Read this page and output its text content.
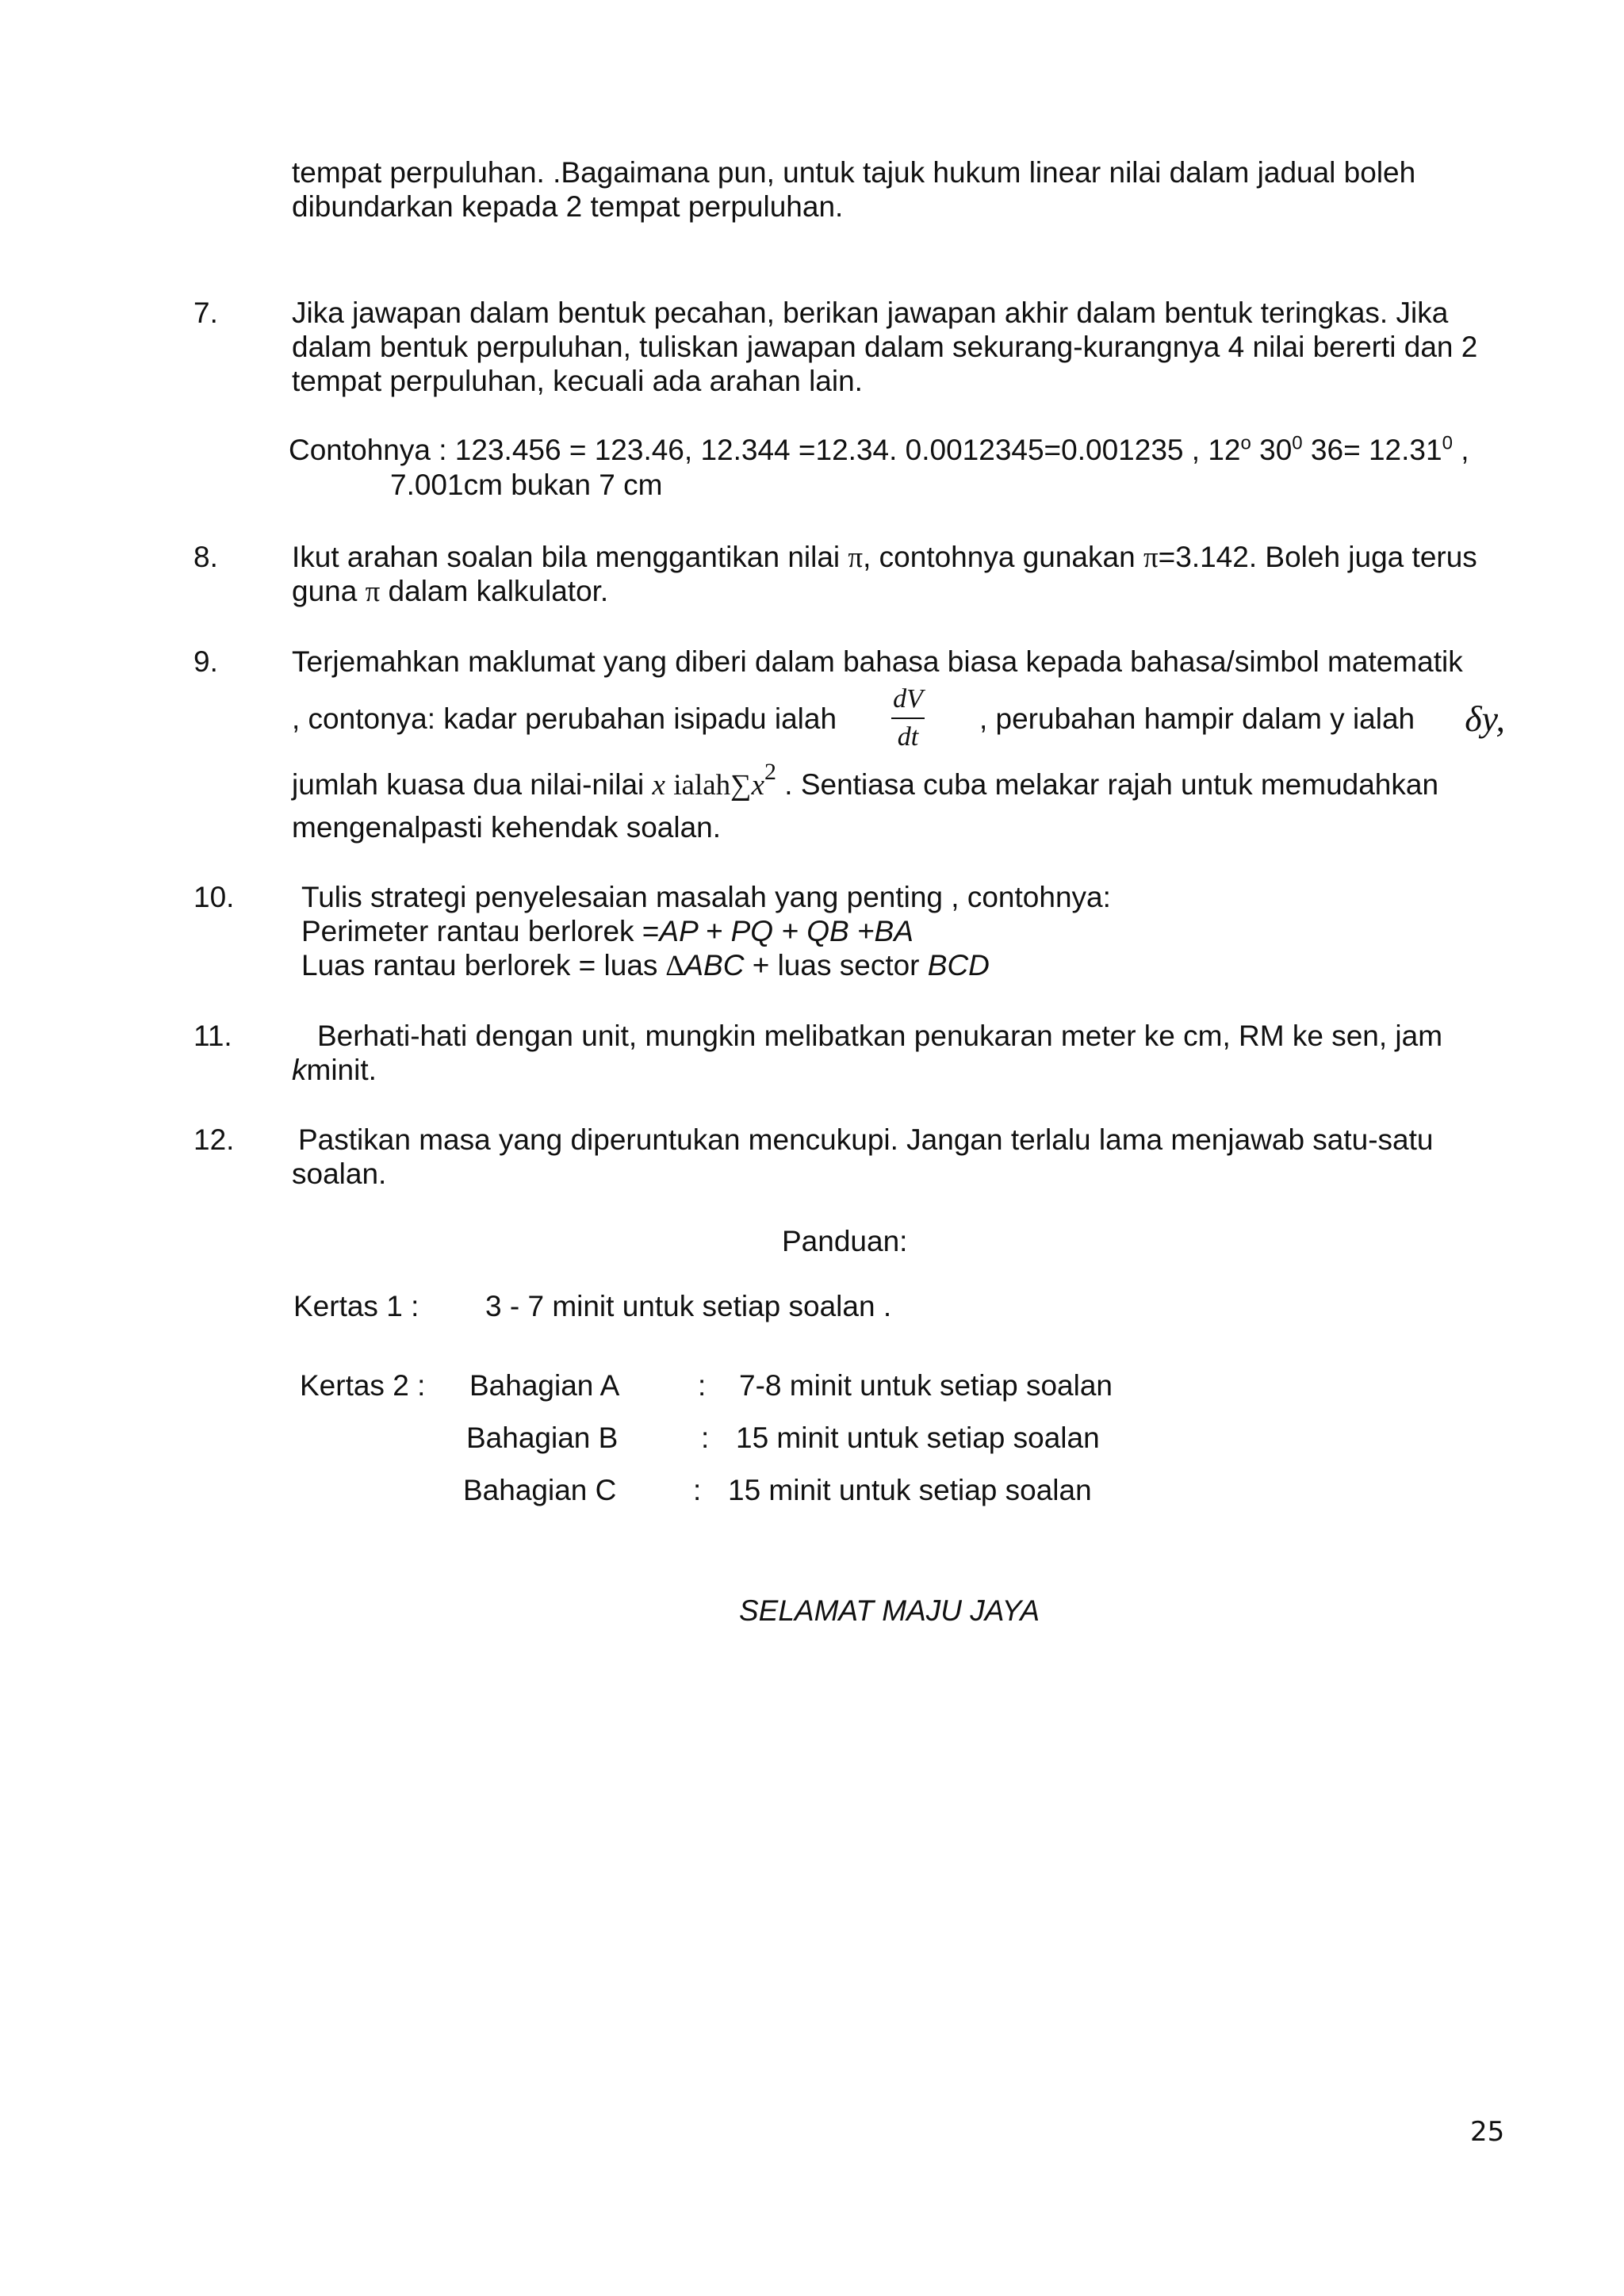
tempat perpuluhan. .Bagaimana pun, untuk tajuk hukum linear nilai dalam jadual boleh
dibundarkan kepada 2 tempat perpuluhan.
7.	Jika jawapan dalam bentuk pecahan, berikan jawapan akhir dalam bentuk teringkas. Jika
dalam bentuk perpuluhan, tuliskan jawapan dalam sekurang-kurangnya 4 nilai bererti dan 2
tempat perpuluhan, kecuali ada arahan lain.
Contohnya : 123.456 = 123.46, 12.344 =12.34. 0.0012345=0.001235 , 12$^o$ $30^0$ $36= 12.31^0$ ,
7.001cm bukan 7 cm
8.	Ikut arahan soalan bila menggantikan nilai π, contohnya gunakan π=3.142. Boleh juga terus
guna π dalam kalkulator.
9.	Terjemahkan maklumat yang diberi dalam bahasa biasa kepada bahasa/simbol matematik
, contonya: kadar perubahan isipadu ialah $\frac{dV}{dt}$ , perubahan hampir dalam y ialah δy,
jumlah kuasa dua nilai-nilai x $ialah\sum x^2$ . Sentiasa cuba melakar rajah untuk memudahkan
mengenalpasti kehendak soalan.
10. Tulis strategi penyelesaian masalah yang penting , contohnya:
Perimeter rantau berlorek =AP + PQ + QB +BA
Luas rantau berlorek = luas ∆ABC + luas sector BCD
11.	Berhati-hati dengan unit, mungkin melibatkan penukaran meter ke cm, RM ke sen, jam
kminit.
12. Pastikan masa yang diperuntukan mencukupi. Jangan terlalu lama menjawab satu-satu
soalan.
Panduan:
Kertas 1 : 3 - 7 minit untuk setiap soalan .
Kertas 2 : Bahagian A	: 7-8 minit untuk setiap soalan
Bahagian B	: 15 minit untuk setiap soalan
Bahagian C	: 15 minit untuk setiap soalan
SELAMAT MAJU JAYA
25
